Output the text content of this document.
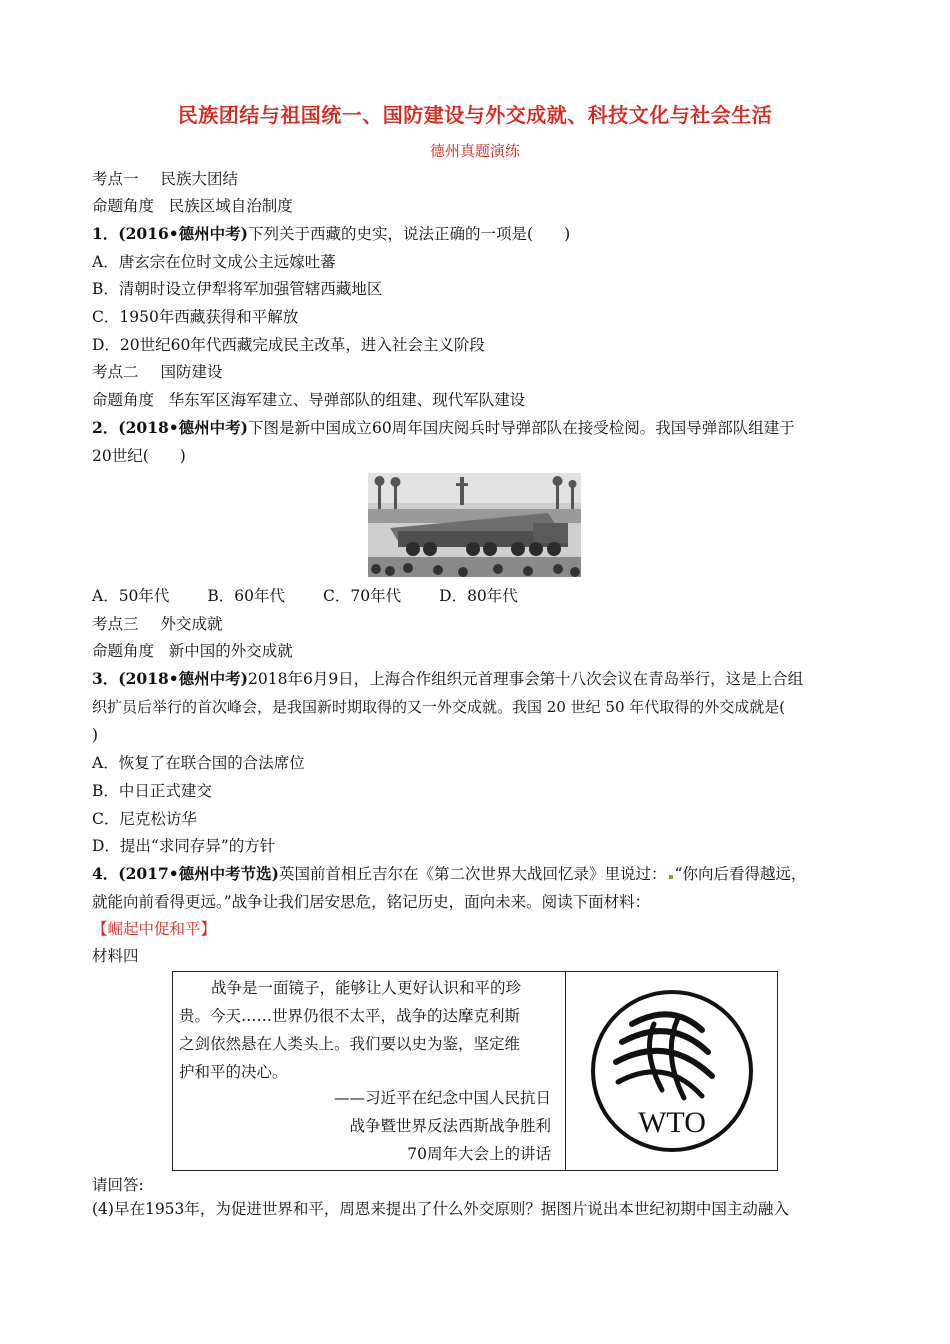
民族团结与祖国统一、国防建设与外交成就、科技文化与社会生活
德州真题演练
考点一 民族大团结
命题角度 民族区域自治制度
1．(2016•德州中考)下列关于西藏的史实，说法正确的一项是(　　)
A．唐玄宗在位时文成公主远嫁吐蕃
B．清朝时设立伊犁将军加强管辖西藏地区
C．1950年西藏获得和平解放
D．20世纪60年代西藏完成民主改革，进入社会主义阶段
考点二 国防建设
命题角度 华东军区海军建立、导弹部队的组建、现代军队建设
2．(2018•德州中考)下图是新中国成立60周年国庆阅兵时导弹部队在接受检阅。我国导弹部队组建于
20世纪(　　)
A．50年代 B．60年代 C．70年代 D．80年代
考点三 外交成就
命题角度 新中国的外交成就
3．(2018•德州中考)2018年6月9日，上海合作组织元首理事会第十八次会议在青岛举行，这是上合组
织扩员后举行的首次峰会，是我国新时期取得的又一外交成就。我国 20 世纪 50 年代取得的外交成就是(
)
A．恢复了在联合国的合法席位
B．中日正式建交
C．尼克松访华
D．提出“求同存异”的方针
4．(2017•德州中考节选)英国前首相丘吉尔在《第二次世界大战回忆录》里说过： “你向后看得越远，
就能向前看得更远。”战争让我们居安思危，铭记历史，面向未来。阅读下面材料：
【崛起中促和平】
材料四
战争是一面镜子，能够让人更好认识和平的珍
贵。今天……世界仍很不太平，战争的达摩克利斯
之剑依然悬在人类头上。我们要以史为鉴，坚定维
护和平的决心。
——习近平在纪念中国人民抗日
战争暨世界反法西斯战争胜利
70周年大会上的讲话
WTO
请回答:
(4)早在1953年，为促进世界和平，周恩来提出了什么外交原则？据图片说出本世纪初期中国主动融入
